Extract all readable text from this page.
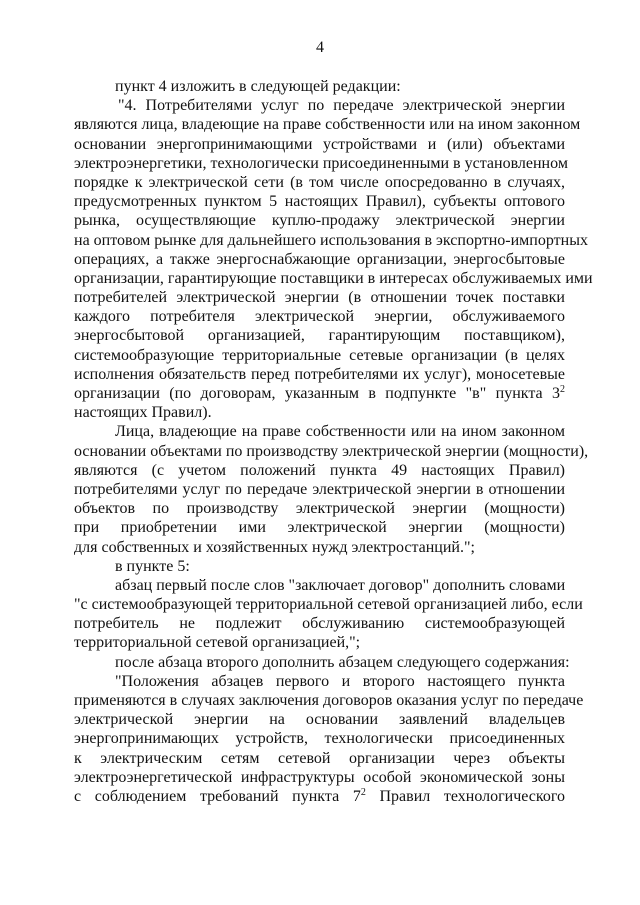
4
пункт 4 изложить в следующей редакции:
"4. Потребителями услуг по передаче электрической энергии
являются лица, владеющие на праве собственности или на ином законном
основании энергопринимающими устройствами и (или) объектами
электроэнергетики, технологически присоединенными в установленном
порядке к электрической сети (в том числе опосредованно в случаях,
предусмотренных пунктом 5 настоящих Правил), субъекты оптового
рынка, осуществляющие куплю-продажу электрической энергии
на оптовом рынке для дальнейшего использования в экспортно-импортных
операциях, а также энергоснабжающие организации, энергосбытовые
организации, гарантирующие поставщики в интересах обслуживаемых ими
потребителей электрической энергии (в отношении точек поставки
каждого потребителя электрической энергии, обслуживаемого
энергосбытовой организацией, гарантирующим поставщиком),
системообразующие территориальные сетевые организации (в целях
исполнения обязательств перед потребителями их услуг), моносетевые
организации (по договорам, указанным в подпункте "в" пункта $3^2$
настоящих Правил).
Лица, владеющие на праве собственности или на ином законном
основании объектами по производству электрической энергии (мощности),
являются (с учетом положений пункта 49 настоящих Правил)
потребителями услуг по передаче электрической энергии в отношении
объектов по производству электрической энергии (мощности)
при приобретении ими электрической энергии (мощности)
для собственных и хозяйственных нужд электростанций.";
в пункте 5:
абзац первый после слов "заключает договор" дополнить словами
"с системообразующей территориальной сетевой организацией либо, если
потребитель не подлежит обслуживанию системообразующей
территориальной сетевой организацией,";
после абзаца второго дополнить абзацем следующего содержания:
"Положения абзацев первого и второго настоящего пункта
применяются в случаях заключения договоров оказания услуг по передаче
электрической энергии на основании заявлений владельцев
энергопринимающих устройств, технологически присоединенных
к электрическим сетям сетевой организации через объекты
электроэнергетической инфраструктуры особой экономической зоны
с соблюдением требований пункта $7^2$ Правил технологического
